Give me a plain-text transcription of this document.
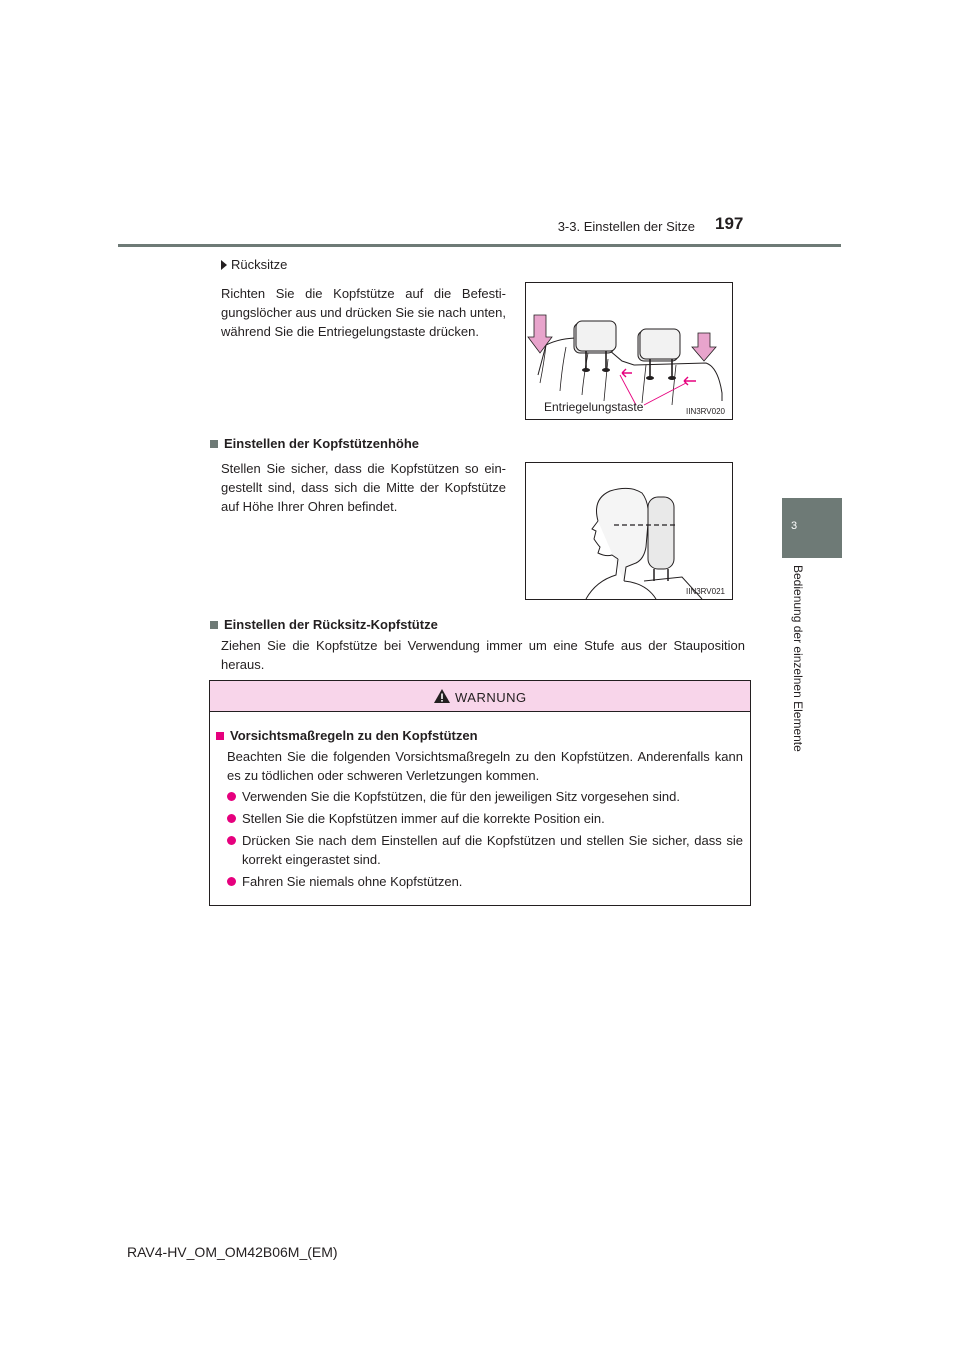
3-3. Einstellen der Sitze 197
3
Bedienung der einzelnen Elemente
Rücksitze
Richten Sie die Kopfstütze auf die Befesti-gungslöcher aus und drücken Sie sie nach unten, während Sie die Entriegelungstaste drücken.
Entriegelungstaste	IIN3RV020
Einstellen der Kopfstützenhöhe
Stellen Sie sicher, dass die Kopfstützen so ein-gestellt sind, dass sich die Mitte der Kopfstütze auf Höhe Ihrer Ohren befindet.
IIN3RV021
Einstellen der Rücksitz-Kopfstütze
Ziehen Sie die Kopfstütze bei Verwendung immer um eine Stufe aus der Stauposition heraus.
WARNUNG
Vorsichtsmaßregeln zu den Kopfstützen
Beachten Sie die folgenden Vorsichtsmaßregeln zu den Kopfstützen. Anderenfalls kann es zu tödlichen oder schweren Verletzungen kommen.
Verwenden Sie die Kopfstützen, die für den jeweiligen Sitz vorgesehen sind.
Stellen Sie die Kopfstützen immer auf die korrekte Position ein.
Drücken Sie nach dem Einstellen auf die Kopfstützen und stellen Sie sicher, dass sie korrekt eingerastet sind.
Fahren Sie niemals ohne Kopfstützen.
RAV4-HV_OM_OM42B06M_(EM)
